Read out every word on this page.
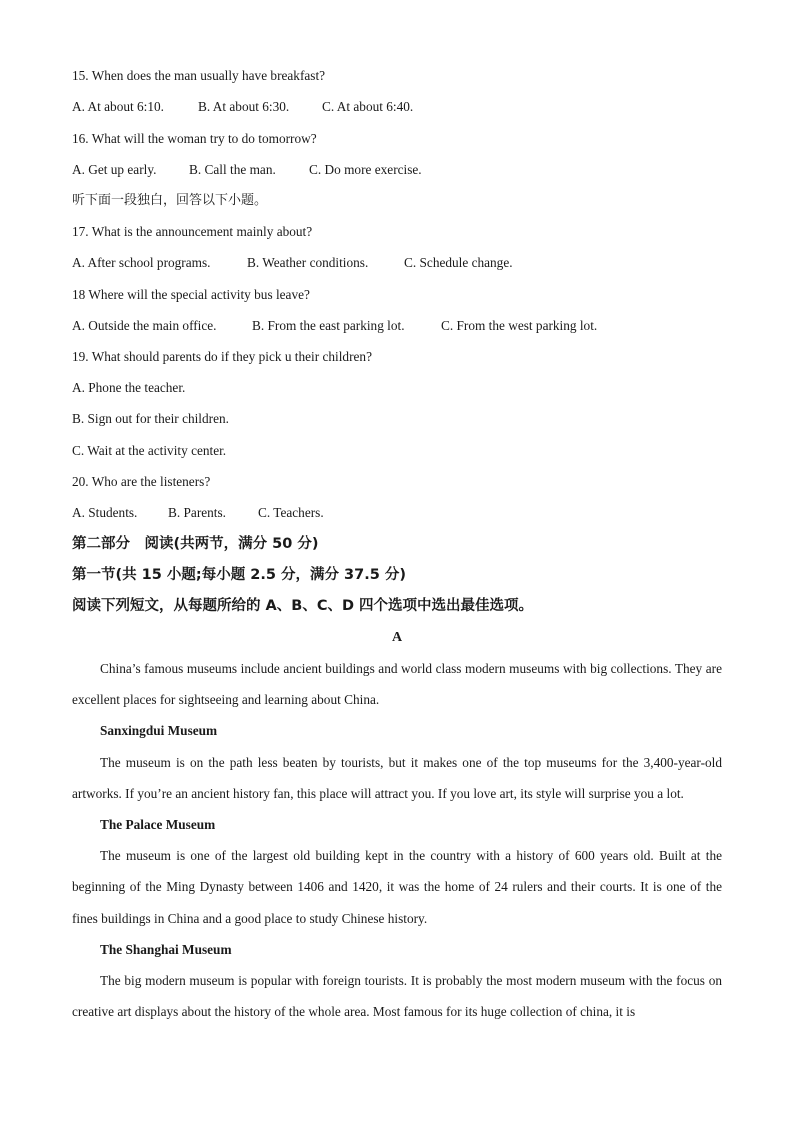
15. When does the man usually have breakfast?
A. At about 6:10.	B. At about 6:30. C. At about 6:40.
16. What will the woman try to do tomorrow?
A. Get up early. B. Call the man. C. Do more exercise.
听下面一段独白，回答以下小题。
17. What is the announcement mainly about?
A. After school programs.	B. Weather conditions.	C. Schedule change.
18 Where will the special activity bus leave?
A. Outside the main office.	B. From the east parking lot.	C. From the west parking lot.
19. What should parents do if they pick u their children?
A. Phone the teacher.
B. Sign out for their children.
C. Wait at the activity center.
20. Who are the listeners?
A. Students. B. Parents. C. Teachers.
第二部分　阅读(共两节，满分 50 分)
第一节(共 15 小题;每小题 2.5 分，满分 37.5 分)
阅读下列短文，从每题所给的 A、B、C、D 四个选项中选出最佳选项。
A

China’s famous museums include ancient buildings and world class modern museums with big collections. They are excellent places for sightseeing and learning about China.

Sanxingdui Museum

The museum is on the path less beaten by tourists, but it makes one of the top museums for the 3,400-year-old artworks. If you’re an ancient history fan, this place will attract you. If you love art, its style will surprise you a lot.

The Palace Museum

The museum is one of the largest old building kept in the country with a history of 600 years old. Built at the beginning of the Ming Dynasty between 1406 and 1420, it was the home of 24 rulers and their courts. It is one of the fines buildings in China and a good place to study Chinese history.

The Shanghai Museum

The big modern museum is popular with foreign tourists. It is probably the most modern museum with the focus on creative art displays about the history of the whole area. Most famous for its huge collection of china, it is
